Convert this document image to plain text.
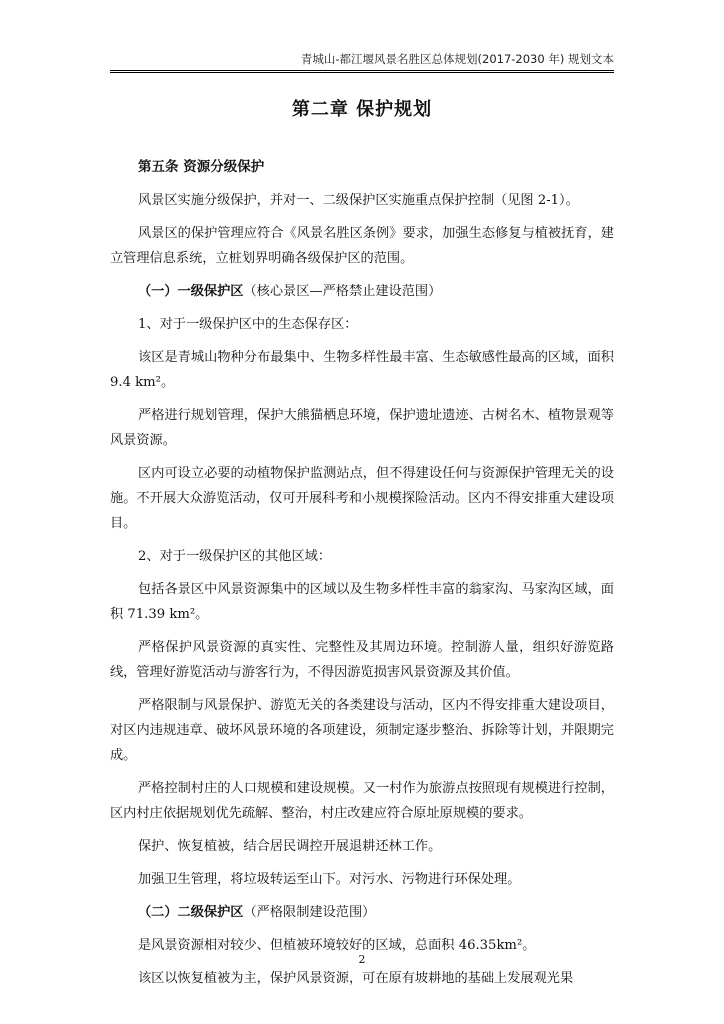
青城山-都江堰风景名胜区总体规划(2017-2030 年) 规划文本
第二章 保护规划
第五条 资源分级保护

风景区实施分级保护，并对一、二级保护区实施重点保护控制（见图 2-1）。

风景区的保护管理应符合《风景名胜区条例》要求，加强生态修复与植被抚育，建立管理信息系统，立桩划界明确各级保护区的范围。

（一）一级保护区（核心景区—严格禁止建设范围）

1、对于一级保护区中的生态保存区：

该区是青城山物种分布最集中、生物多样性最丰富、生态敏感性最高的区域，面积 9.4 km²。

严格进行规划管理，保护大熊猫栖息环境，保护遗址遗迹、古树名木、植物景观等风景资源。

区内可设立必要的动植物保护监测站点，但不得建设任何与资源保护管理无关的设施。不开展大众游览活动，仅可开展科考和小规模探险活动。区内不得安排重大建设项目。

2、对于一级保护区的其他区域：

包括各景区中风景资源集中的区域以及生物多样性丰富的翁家沟、马家沟区域，面积 71.39 km²。

严格保护风景资源的真实性、完整性及其周边环境。控制游人量，组织好游览路线，管理好游览活动与游客行为，不得因游览损害风景资源及其价值。

严格限制与风景保护、游览无关的各类建设与活动，区内不得安排重大建设项目，对区内违规违章、破坏风景环境的各项建设，须制定逐步整治、拆除等计划，并限期完成。

严格控制村庄的人口规模和建设规模。又一村作为旅游点按照现有规模进行控制，区内村庄依据规划优先疏解、整治，村庄改建应符合原址原规模的要求。

保护、恢复植被，结合居民调控开展退耕还林工作。

加强卫生管理，将垃圾转运至山下。对污水、污物进行环保处理。

（二）二级保护区（严格限制建设范围）

是风景资源相对较少、但植被环境较好的区域，总面积 46.35km²。

该区以恢复植被为主，保护风景资源，可在原有坡耕地的基础上发展观光果

2
